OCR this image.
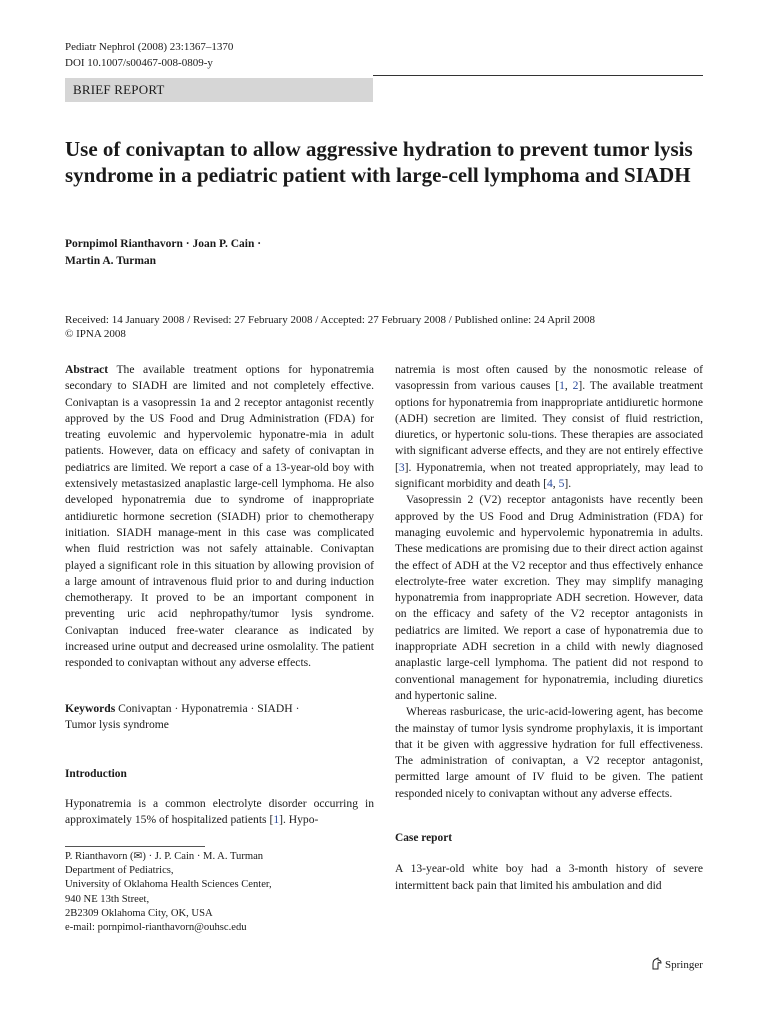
Pediatr Nephrol (2008) 23:1367–1370
DOI 10.1007/s00467-008-0809-y
BRIEF REPORT
Use of conivaptan to allow aggressive hydration to prevent tumor lysis syndrome in a pediatric patient with large-cell lymphoma and SIADH
Pornpimol Rianthavorn · Joan P. Cain ·
Martin A. Turman
Received: 14 January 2008 / Revised: 27 February 2008 / Accepted: 27 February 2008 / Published online: 24 April 2008
© IPNA 2008
Abstract The available treatment options for hyponatremia secondary to SIADH are limited and not completely effective. Conivaptan is a vasopressin 1a and 2 receptor antagonist recently approved by the US Food and Drug Administration (FDA) for treating euvolemic and hypervolemic hyponatre-mia in adult patients. However, data on efficacy and safety of conivaptan in pediatrics are limited. We report a case of a 13-year-old boy with extensively metastasized anaplastic large-cell lymphoma. He also developed hyponatremia due to syndrome of inappropriate antidiuretic hormone secretion (SIADH) prior to chemotherapy initiation. SIADH manage-ment in this case was complicated when fluid restriction was not safely attainable. Conivaptan played a significant role in this situation by allowing provision of a large amount of intravenous fluid prior to and during induction chemotherapy. It proved to be an important component in preventing uric acid nephropathy/tumor lysis syndrome. Conivaptan induced free-water clearance as indicated by increased urine output and decreased urine osmolality. The patient responded to conivaptan without any adverse effects.
Keywords Conivaptan · Hyponatremia · SIADH ·
Tumor lysis syndrome
Introduction
Hyponatremia is a common electrolyte disorder occurring in approximately 15% of hospitalized patients [1]. Hypo-
P. Rianthavorn (✉) · J. P. Cain · M. A. Turman
Department of Pediatrics,
University of Oklahoma Health Sciences Center,
940 NE 13th Street,
2B2309 Oklahoma City, OK, USA
e-mail: pornpimol-rianthavorn@ouhsc.edu
natremia is most often caused by the nonosmotic release of vasopressin from various causes [1, 2]. The available treatment options for hyponatremia from inappropriate antidiuretic hormone (ADH) secretion are limited. They consist of fluid restriction, diuretics, or hypertonic solu-tions. These therapies are associated with significant adverse effects, and they are not entirely effective [3]. Hyponatremia, when not treated appropriately, may lead to significant morbidity and death [4, 5].
Vasopressin 2 (V2) receptor antagonists have recently been approved by the US Food and Drug Administration (FDA) for managing euvolemic and hypervolemic hyponatremia in adults. These medications are promising due to their direct action against the effect of ADH at the V2 receptor and thus effectively enhance electrolyte-free water excretion. They may simplify managing hyponatremia from inappropriate ADH secretion. However, data on the efficacy and safety of the V2 receptor antagonists in pediatrics are limited. We report a case of hyponatremia due to inappropriate ADH secretion in a child with newly diagnosed anaplastic large-cell lymphoma. The patient did not respond to conventional management for hyponatremia, including diuretics and hypertonic saline.
Whereas rasburicase, the uric-acid-lowering agent, has become the mainstay of tumor lysis syndrome prophylaxis, it is important that it be given with aggressive hydration for full effectiveness. The administration of conivaptan, a V2 receptor antagonist, permitted large amount of IV fluid to be given. The patient responded nicely to conivaptan without any adverse effects.
Case report
A 13-year-old white boy had a 3-month history of severe intermittent back pain that limited his ambulation and did
Springer
